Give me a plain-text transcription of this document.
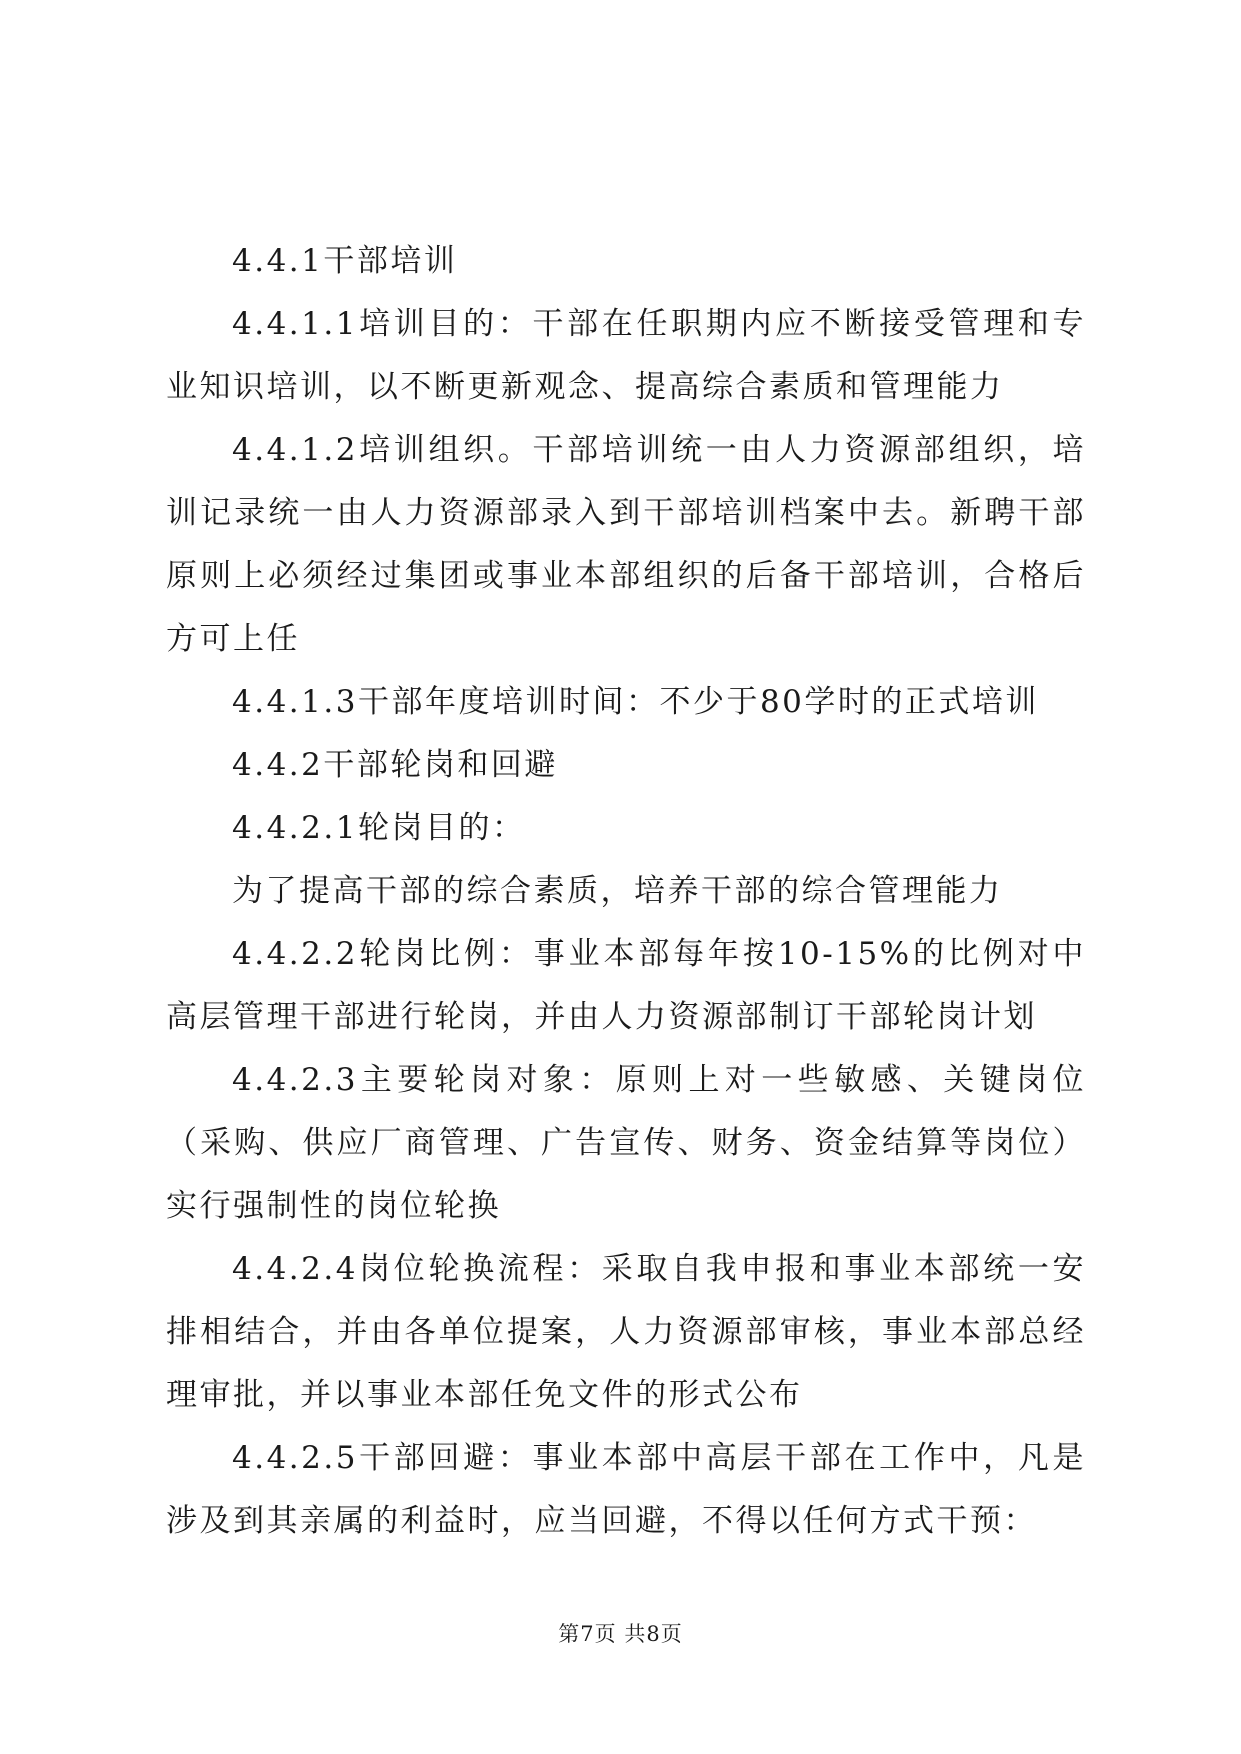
4.4.1干部培训

4.4.1.1培训目的：干部在任职期内应不断接受管理和专业知识培训，以不断更新观念、提高综合素质和管理能力

4.4.1.2培训组织。干部培训统一由人力资源部组织，培训记录统一由人力资源部录入到干部培训档案中去。新聘干部原则上必须经过集团或事业本部组织的后备干部培训，合格后方可上任

4.4.1.3干部年度培训时间：不少于80学时的正式培训

4.4.2干部轮岗和回避

4.4.2.1轮岗目的：

为了提高干部的综合素质，培养干部的综合管理能力

4.4.2.2轮岗比例：事业本部每年按10-15%的比例对中高层管理干部进行轮岗，并由人力资源部制订干部轮岗计划

4.4.2.3主要轮岗对象：原则上对一些敏感、关键岗位（采购、供应厂商管理、广告宣传、财务、资金结算等岗位）实行强制性的岗位轮换

4.4.2.4岗位轮换流程：采取自我申报和事业本部统一安排相结合，并由各单位提案，人力资源部审核，事业本部总经理审批，并以事业本部任免文件的形式公布

4.4.2.5干部回避：事业本部中高层干部在工作中，凡是涉及到其亲属的利益时，应当回避，不得以任何方式干预：

第7页 共8页
